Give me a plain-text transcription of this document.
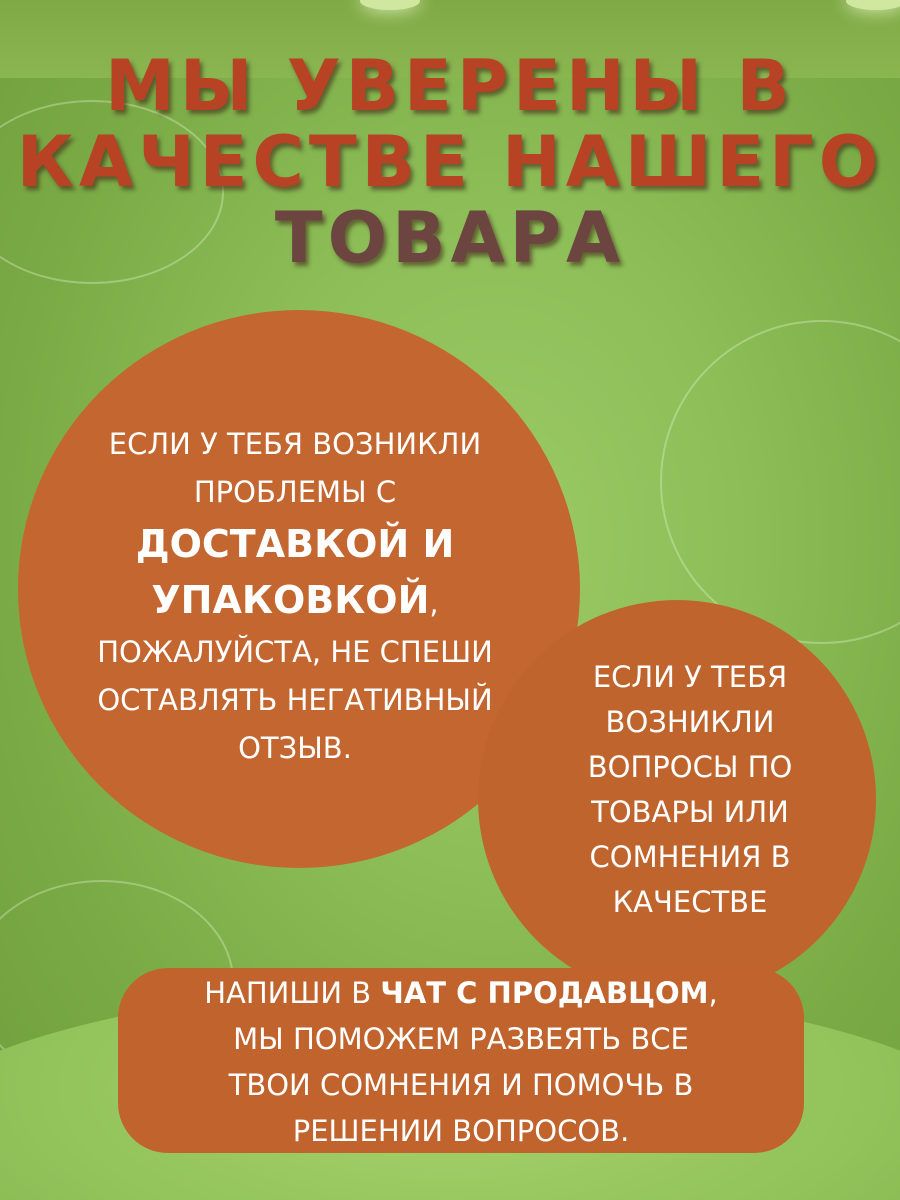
МЫ УВЕРЕНЫ В
КАЧЕСТВЕ НАШЕГО
ТОВАРА
ЕСЛИ У ТЕБЯ ВОЗНИКЛИ
ПРОБЛЕМЫ С
ДОСТАВКОЙ И
УПАКОВКОЙ,
ПОЖАЛУЙСТА, НЕ СПЕШИ
ОСТАВЛЯТЬ НЕГАТИВНЫЙ
ОТЗЫВ.
ЕСЛИ У ТЕБЯ
ВОЗНИКЛИ
ВОПРОСЫ ПО
ТОВАРЫ ИЛИ
СОМНЕНИЯ В
КАЧЕСТВЕ
НАПИШИ В ЧАТ С ПРОДАВЦОМ,
МЫ ПОМОЖЕМ РАЗВЕЯТЬ ВСЕ
ТВОИ СОМНЕНИЯ И ПОМОЧЬ В
РЕШЕНИИ ВОПРОСОВ.
